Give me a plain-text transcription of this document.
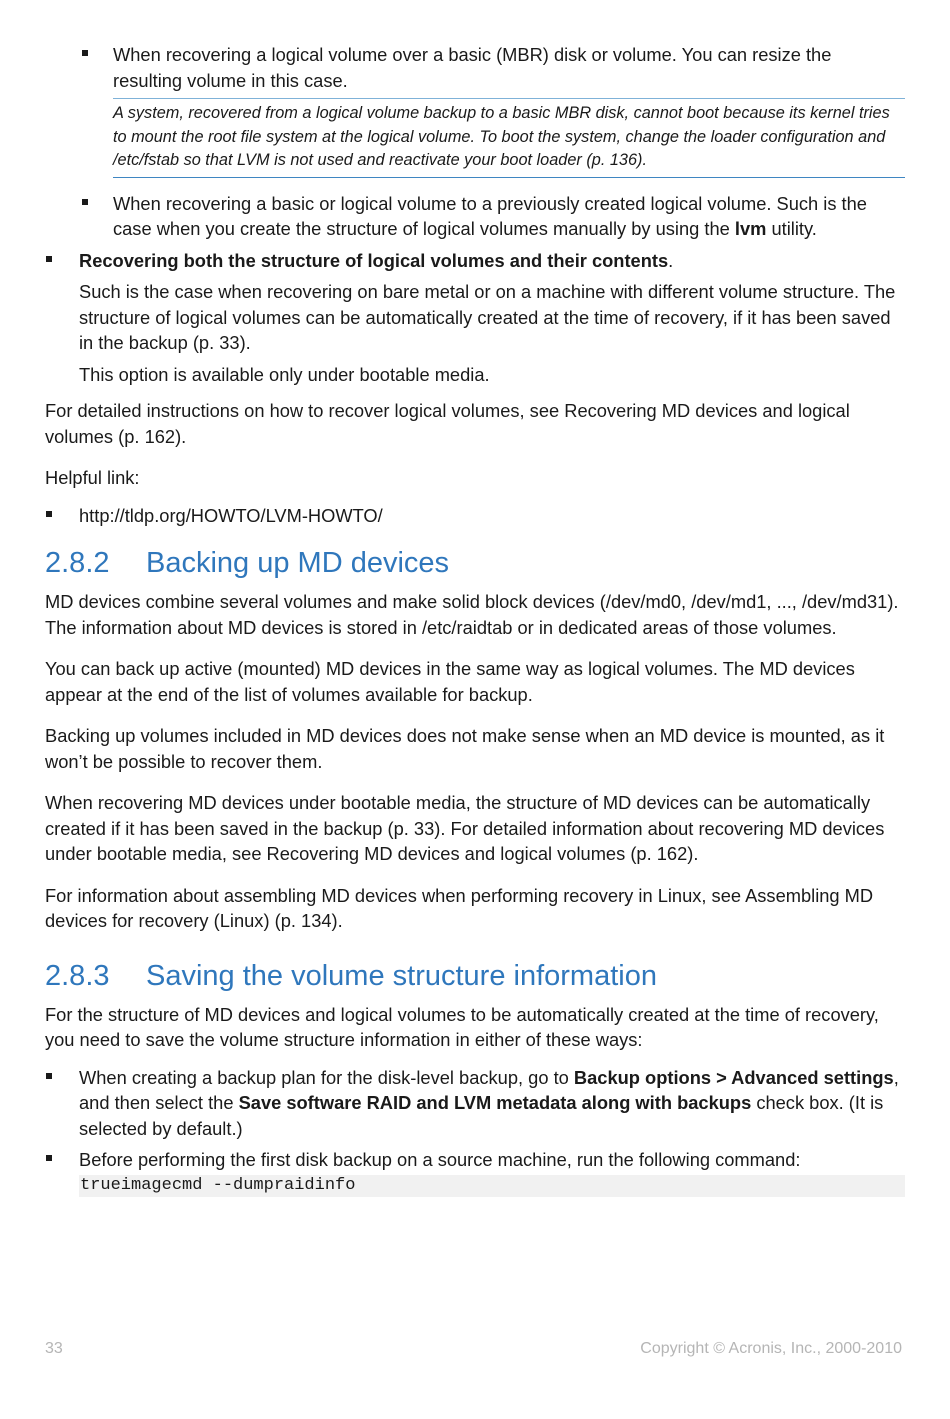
When recovering a logical volume over a basic (MBR) disk or volume. You can resize the resulting volume in this case.

A system, recovered from a logical volume backup to a basic MBR disk, cannot boot because its kernel tries to mount the root file system at the logical volume. To boot the system, change the loader configuration and /etc/fstab so that LVM is not used and reactivate your boot loader (p. 136).

When recovering a basic or logical volume to a previously created logical volume. Such is the case when you create the structure of logical volumes manually by using the lvm utility.

Recovering both the structure of logical volumes and their contents.

Such is the case when recovering on bare metal or on a machine with different volume structure. The structure of logical volumes can be automatically created at the time of recovery, if it has been saved in the backup (p. 33).

This option is available only under bootable media.

For detailed instructions on how to recover logical volumes, see Recovering MD devices and logical volumes (p. 162).

Helpful link:

http://tldp.org/HOWTO/LVM-HOWTO/

2.8.2 Backing up MD devices

MD devices combine several volumes and make solid block devices (/dev/md0, /dev/md1, ..., /dev/md31). The information about MD devices is stored in /etc/raidtab or in dedicated areas of those volumes.

You can back up active (mounted) MD devices in the same way as logical volumes. The MD devices appear at the end of the list of volumes available for backup.

Backing up volumes included in MD devices does not make sense when an MD device is mounted, as it won’t be possible to recover them.

When recovering MD devices under bootable media, the structure of MD devices can be automatically created if it has been saved in the backup (p. 33). For detailed information about recovering MD devices under bootable media, see Recovering MD devices and logical volumes (p. 162).

For information about assembling MD devices when performing recovery in Linux, see Assembling MD devices for recovery (Linux) (p. 134).

2.8.3 Saving the volume structure information

For the structure of MD devices and logical volumes to be automatically created at the time of recovery, you need to save the volume structure information in either of these ways:

When creating a backup plan for the disk-level backup, go to Backup options > Advanced settings, and then select the Save software RAID and LVM metadata along with backups check box. (It is selected by default.)

Before performing the first disk backup on a source machine, run the following command:

trueimagecmd --dumpraidinfo
33	Copyright © Acronis, Inc., 2000-2010
